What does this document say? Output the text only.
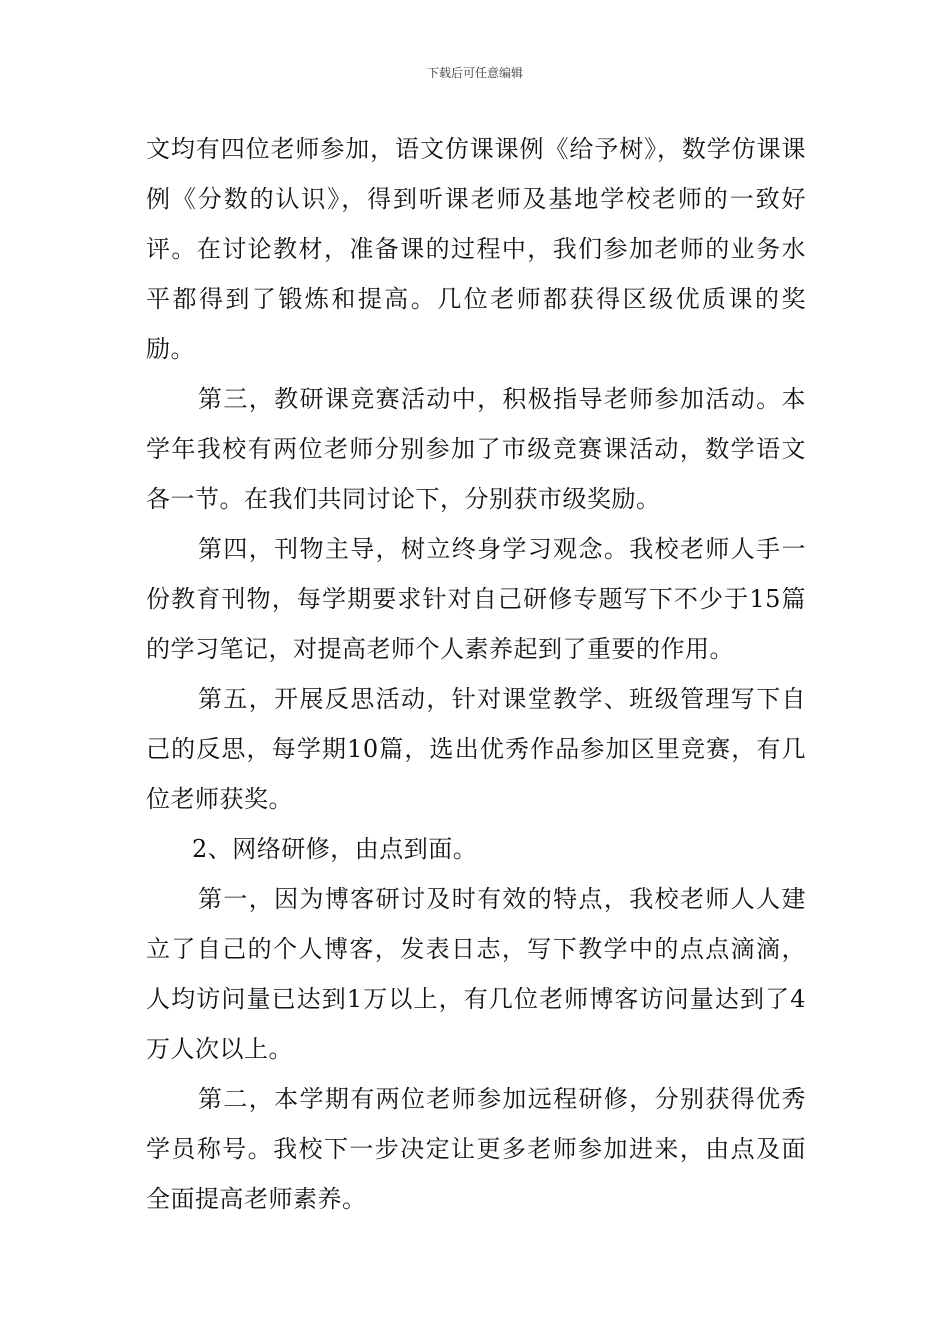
下载后可任意编辑

文均有四位老师参加，语文仿课课例《给予树》，数学仿课课例《分数的认识》，得到听课老师及基地学校老师的一致好评。在讨论教材，准备课的过程中，我们参加老师的业务水平都得到了锻炼和提高。几位老师都获得区级优质课的奖励。

第三，教研课竞赛活动中，积极指导老师参加活动。本学年我校有两位老师分别参加了市级竞赛课活动，数学语文各一节。在我们共同讨论下，分别获市级奖励。

第四，刊物主导，树立终身学习观念。我校老师人手一份教育刊物，每学期要求针对自己研修专题写下不少于15篇的学习笔记，对提高老师个人素养起到了重要的作用。

第五，开展反思活动，针对课堂教学、班级管理写下自己的反思，每学期10篇，选出优秀作品参加区里竞赛，有几位老师获奖。

2、网络研修，由点到面。

第一，因为博客研讨及时有效的特点，我校老师人人建立了自己的个人博客，发表日志，写下教学中的点点滴滴，人均访问量已达到1万以上，有几位老师博客访问量达到了4万人次以上。

第二，本学期有两位老师参加远程研修，分别获得优秀学员称号。我校下一步决定让更多老师参加进来，由点及面全面提高老师素养。
